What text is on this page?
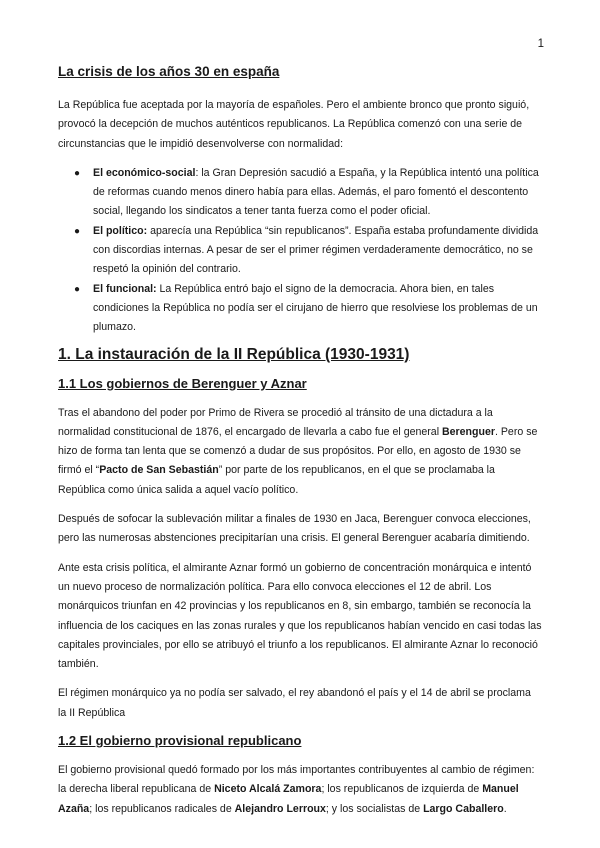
1
La crisis de los años 30 en españa

La República fue aceptada por la mayoría de españoles. Pero el ambiente bronco que pronto siguió, provocó la decepción de muchos auténticos republicanos. La República comenzó con una serie de circunstancias que le impidió desenvolverse con normalidad:

● El económico-social: la Gran Depresión sacudió a España, y la República intentó una política de reformas cuando menos dinero había para ellas. Además, el paro fomentó el descontento social, llegando los sindicatos a tener tanta fuerza como el poder oficial.
● El político: aparecía una República “sin republicanos”. España estaba profundamente dividida con discordias internas. A pesar de ser el primer régimen verdaderamente democrático, no se respetó la opinión del contrario.
● El funcional: La República entró bajo el signo de la democracia. Ahora bien, en tales condiciones la República no podía ser el cirujano de hierro que resolviese los problemas de un plumazo.
1. La instauración de la II República (1930-1931)
1.1 Los gobiernos de Berenguer y Aznar

Tras el abandono del poder por Primo de Rivera se procedió al tránsito de una dictadura a la normalidad constitucional de 1876, el encargado de llevarla a cabo fue el general Berenguer. Pero se hizo de forma tan lenta que se comenzó a dudar de sus propósitos. Por ello, en agosto de 1930 se firmó el “Pacto de San Sebastián” por parte de los republicanos, en el que se proclamaba la República como única salida a aquel vacío político.

Después de sofocar la sublevación militar a finales de 1930 en Jaca, Berenguer convoca elecciones, pero las numerosas abstenciones precipitarían una crisis. El general Berenguer acabaría dimitiendo.

Ante esta crisis política, el almirante Aznar formó un gobierno de concentración monárquica e intentó un nuevo proceso de normalización política. Para ello convoca elecciones el 12 de abril. Los monárquicos triunfan en 42 provincias y los republicanos en 8, sin embargo, también se reconocía la influencia de los caciques en las zonas rurales y que los republicanos habían vencido en casi todas las capitales provinciales, por ello se atribuyó el triunfo a los republicanos. El almirante Aznar lo reconoció también.

El régimen monárquico ya no podía ser salvado, el rey abandonó el país y el 14 de abril se proclama la II República

1.2 El gobierno provisional republicano

El gobierno provisional quedó formado por los más importantes contribuyentes al cambio de régimen: la derecha liberal republicana de Niceto Alcalá Zamora; los republicanos de izquierda de Manuel Azaña; los republicanos radicales de Alejandro Lerroux; y los socialistas de Largo Caballero.
